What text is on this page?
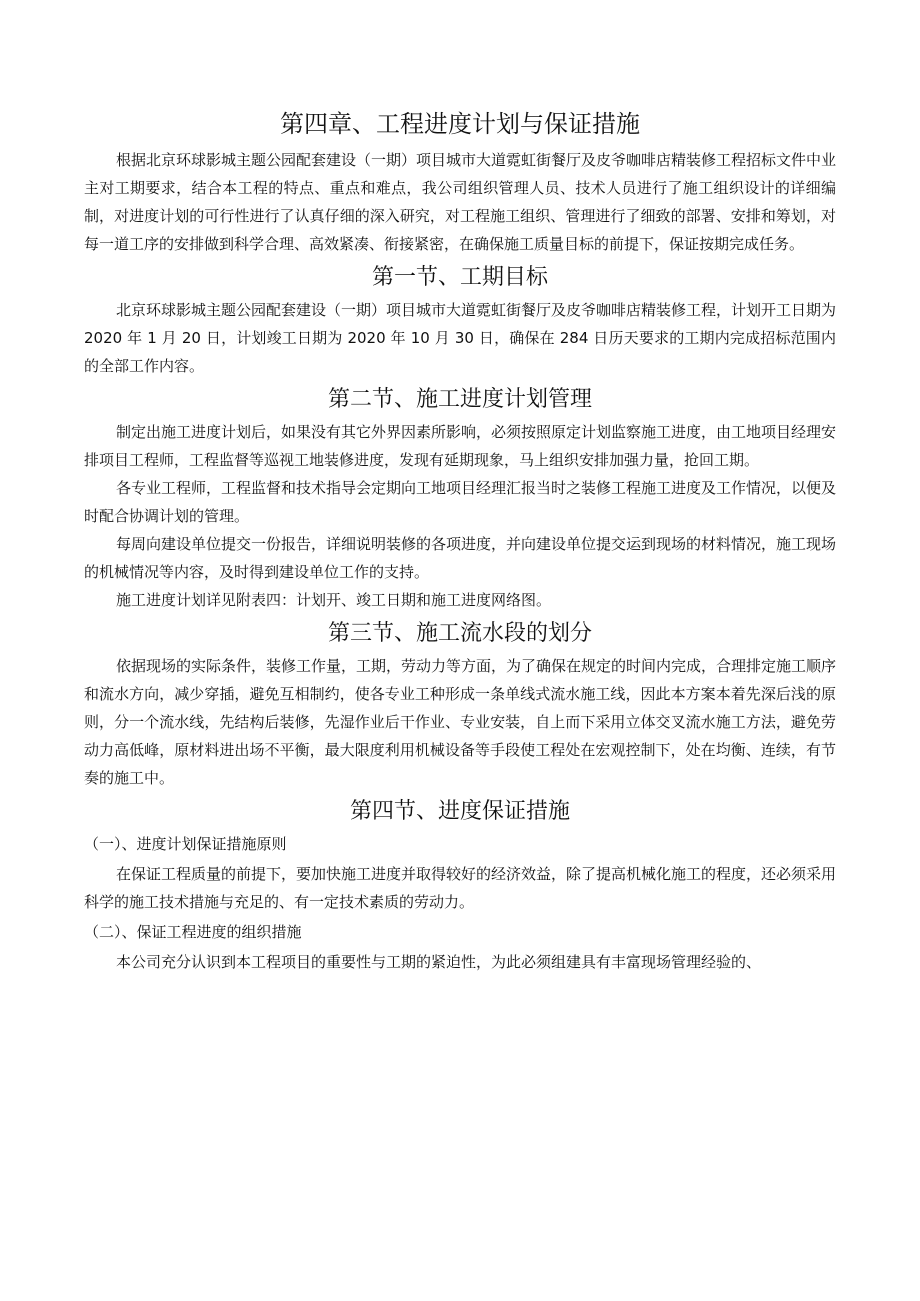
第四章、工程进度计划与保证措施

根据北京环球影城主题公园配套建设（一期）项目城市大道霓虹街餐厅及皮爷咖啡店精装修工程招标文件中业主对工期要求，结合本工程的特点、重点和难点，我公司组织管理人员、技术人员进行了施工组织设计的详细编制，对进度计划的可行性进行了认真仔细的深入研究，对工程施工组织、管理进行了细致的部署、安排和筹划，对每一道工序的安排做到科学合理、高效紧凑、衔接紧密，在确保施工质量目标的前提下，保证按期完成任务。

第一节、工期目标

北京环球影城主题公园配套建设（一期）项目城市大道霓虹街餐厅及皮爷咖啡店精装修工程，计划开工日期为 2020 年 1 月 20 日，计划竣工日期为 2020 年 10 月 30 日，确保在 284 日历天要求的工期内完成招标范围内的全部工作内容。

第二节、施工进度计划管理

制定出施工进度计划后，如果没有其它外界因素所影响，必须按照原定计划监察施工进度，由工地项目经理安排项目工程师，工程监督等巡视工地装修进度，发现有延期现象，马上组织安排加强力量，抢回工期。

各专业工程师，工程监督和技术指导会定期向工地项目经理汇报当时之装修工程施工进度及工作情况，以便及时配合协调计划的管理。

每周向建设单位提交一份报告，详细说明装修的各项进度，并向建设单位提交运到现场的材料情况，施工现场的机械情况等内容，及时得到建设单位工作的支持。

施工进度计划详见附表四：计划开、竣工日期和施工进度网络图。

第三节、施工流水段的划分

依据现场的实际条件，装修工作量，工期，劳动力等方面，为了确保在规定的时间内完成，合理排定施工顺序和流水方向，减少穿插，避免互相制约，使各专业工种形成一条单线式流水施工线，因此本方案本着先深后浅的原则，分一个流水线，先结构后装修，先湿作业后干作业、专业安装，自上而下采用立体交叉流水施工方法，避免劳动力高低峰，原材料进出场不平衡，最大限度利用机械设备等手段使工程处在宏观控制下，处在均衡、连续，有节奏的施工中。

第四节、进度保证措施
（一）、进度计划保证措施原则

在保证工程质量的前提下，要加快施工进度并取得较好的经济效益，除了提高机械化施工的程度，还必须采用科学的施工技术措施与充足的、有一定技术素质的劳动力。

（二）、保证工程进度的组织措施

本公司充分认识到本工程项目的重要性与工期的紧迫性，为此必须组建具有丰富现场管理经验的、
